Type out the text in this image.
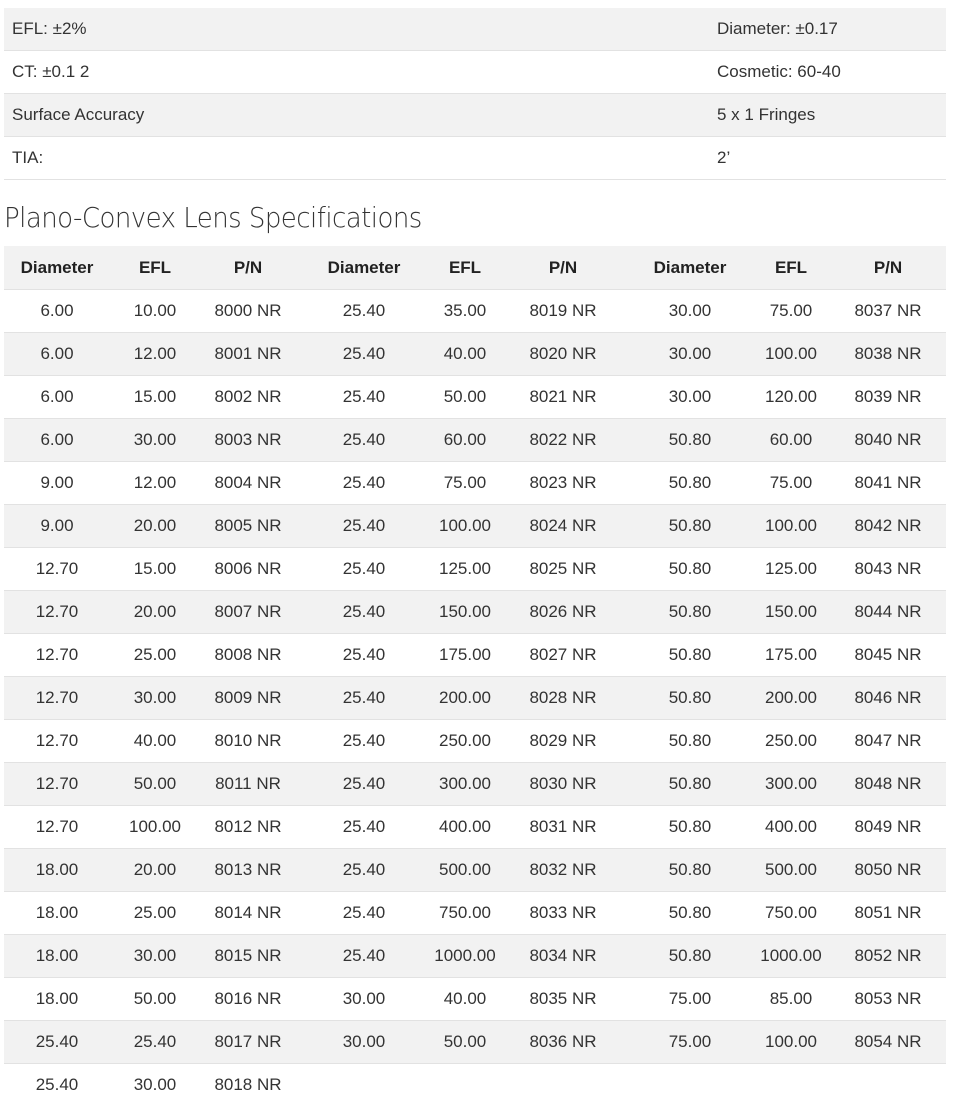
EFL: ±2%	Diameter: ±0.17
CT: ±0.1 2	Cosmetic: 60-40
Surface Accuracy	5 x 1 Fringes
TIA:	2’
Plano-Convex Lens Specifications
Diameter	EFL	P/N	Diameter	EFL	P/N	Diameter	EFL	P/N
6.00	10.00	8000 NR	25.40	35.00	8019 NR	30.00	75.00	8037 NR
6.00	12.00	8001 NR	25.40	40.00	8020 NR	30.00	100.00	8038 NR
6.00	15.00	8002 NR	25.40	50.00	8021 NR	30.00	120.00	8039 NR
6.00	30.00	8003 NR	25.40	60.00	8022 NR	50.80	60.00	8040 NR
9.00	12.00	8004 NR	25.40	75.00	8023 NR	50.80	75.00	8041 NR
9.00	20.00	8005 NR	25.40	100.00	8024 NR	50.80	100.00	8042 NR
12.70	15.00	8006 NR	25.40	125.00	8025 NR	50.80	125.00	8043 NR
12.70	20.00	8007 NR	25.40	150.00	8026 NR	50.80	150.00	8044 NR
12.70	25.00	8008 NR	25.40	175.00	8027 NR	50.80	175.00	8045 NR
12.70	30.00	8009 NR	25.40	200.00	8028 NR	50.80	200.00	8046 NR
12.70	40.00	8010 NR	25.40	250.00	8029 NR	50.80	250.00	8047 NR
12.70	50.00	8011 NR	25.40	300.00	8030 NR	50.80	300.00	8048 NR
12.70	100.00	8012 NR	25.40	400.00	8031 NR	50.80	400.00	8049 NR
18.00	20.00	8013 NR	25.40	500.00	8032 NR	50.80	500.00	8050 NR
18.00	25.00	8014 NR	25.40	750.00	8033 NR	50.80	750.00	8051 NR
18.00	30.00	8015 NR	25.40	1000.00	8034 NR	50.80	1000.00	8052 NR
18.00	50.00	8016 NR	30.00	40.00	8035 NR	75.00	85.00	8053 NR
25.40	25.40	8017 NR	30.00	50.00	8036 NR	75.00	100.00	8054 NR
25.40	30.00	8018 NR						
